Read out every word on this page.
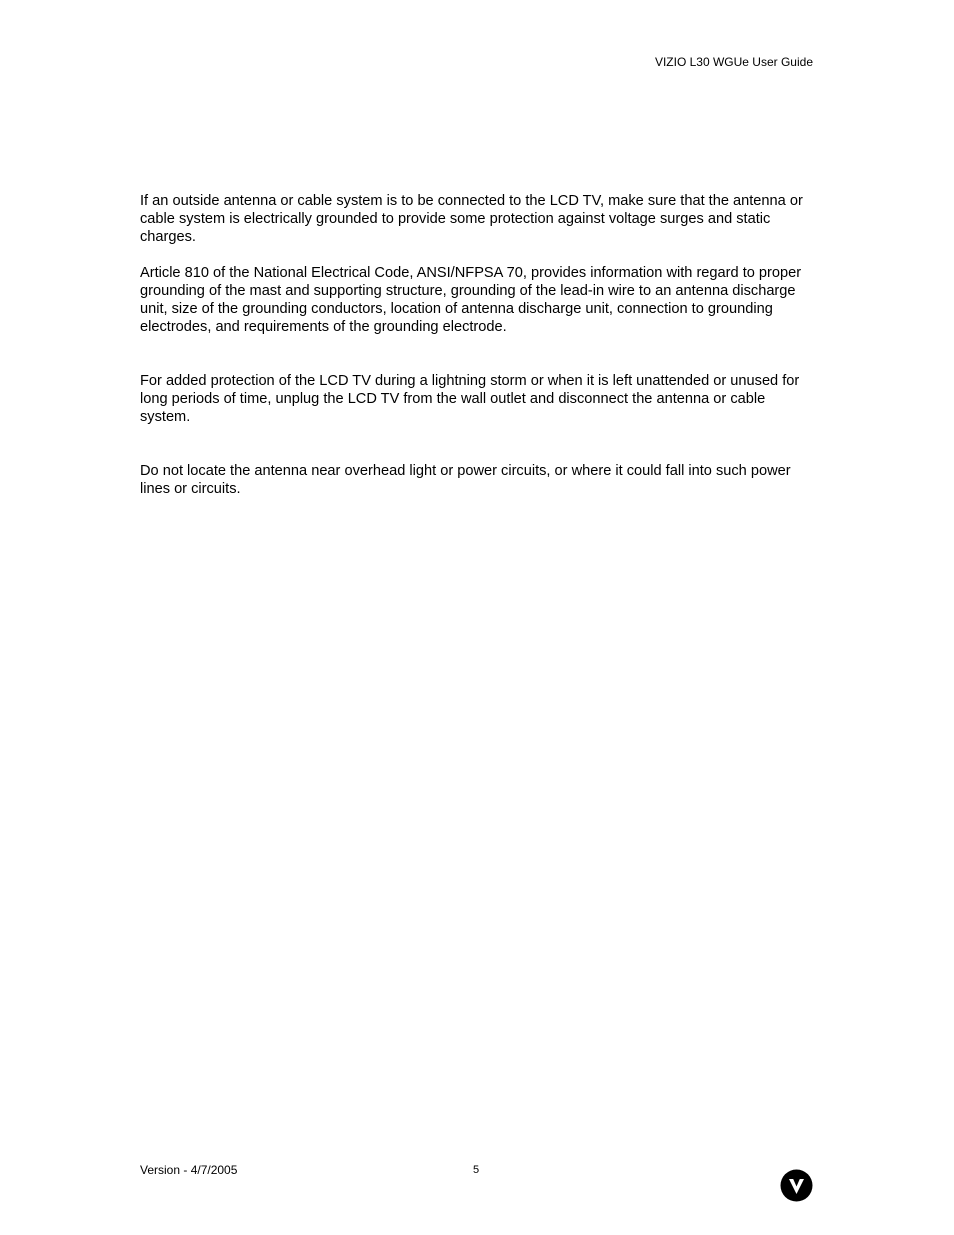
VIZIO L30 WGUe User Guide

If an outside antenna or cable system is to be connected to the LCD TV, make sure that the antenna or cable system is electrically grounded to provide some protection against voltage surges and static charges.

Article 810 of the National Electrical Code, ANSI/NFPSA 70, provides information with regard to proper grounding of the mast and supporting structure, grounding of the lead-in wire to an antenna discharge unit, size of the grounding conductors, location of antenna discharge unit, connection to grounding electrodes, and requirements of the grounding electrode.

For added protection of the LCD TV during a lightning storm or when it is left unattended or unused for long periods of time, unplug the LCD TV from the wall outlet and disconnect the antenna or cable system.

Do not locate the antenna near overhead light or power circuits, or where it could fall into such power lines or circuits.

Version - 4/7/2005	5
